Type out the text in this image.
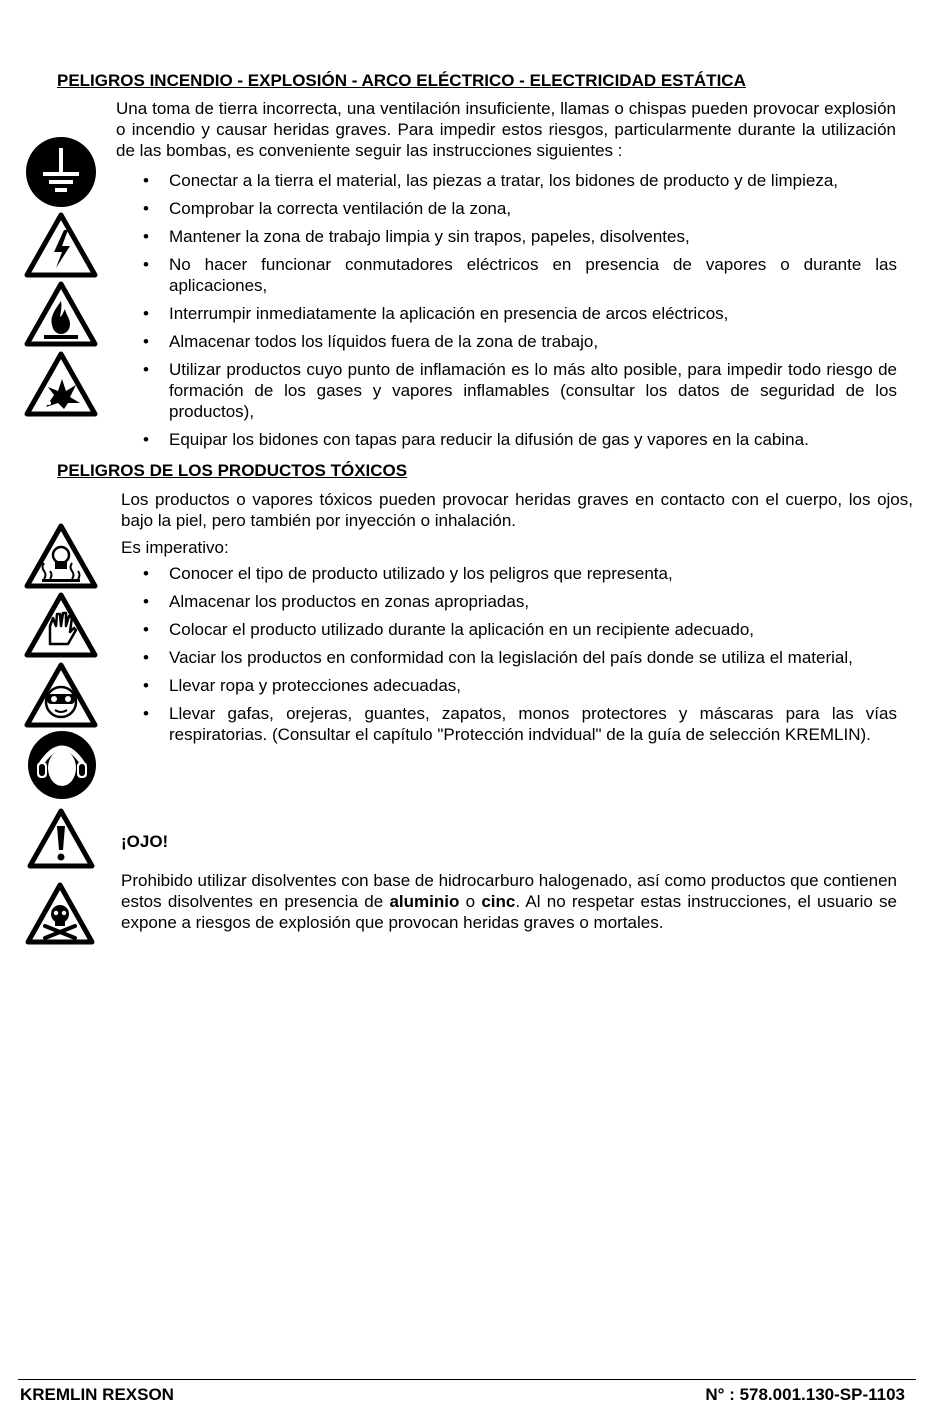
PELIGROS INCENDIO - EXPLOSIÓN - ARCO ELÉCTRICO - ELECTRICIDAD ESTÁTICA

Una toma de tierra incorrecta, una ventilación insuficiente, llamas o chispas pueden provocar explosión o incendio y causar heridas graves. Para impedir estos riesgos, particularmente durante la utilización de las bombas, es conveniente seguir las instrucciones siguientes :

• Conectar a la tierra el material, las piezas a tratar, los bidones de producto y de limpieza,
• Comprobar la correcta ventilación de la zona,
• Mantener la zona de trabajo limpia y sin trapos, papeles, disolventes,
• No hacer funcionar conmutadores eléctricos en presencia de vapores o durante las aplicaciones,
• Interrumpir inmediatamente la aplicación en presencia de arcos eléctricos,
• Almacenar todos los líquidos fuera de la zona de trabajo,
• Utilizar productos cuyo punto de inflamación es lo más alto posible, para impedir todo riesgo de formación de los gases y vapores inflamables (consultar los datos de seguridad de los productos),
• Equipar los bidones con tapas para reducir la difusión de gas y vapores en la cabina.
PELIGROS DE LOS PRODUCTOS TÓXICOS

Los productos o vapores tóxicos pueden provocar heridas graves en contacto con el cuerpo, los ojos, bajo la piel, pero también por inyección o inhalación.

Es imperativo:

• Conocer el tipo de producto utilizado y los peligros que representa,
• Almacenar los productos en zonas apropriadas,
• Colocar el producto utilizado durante la aplicación en un recipiente adecuado,
• Vaciar los productos en conformidad con la legislación del país donde se utiliza el material,
• Llevar ropa y protecciones adecuadas,
• Llevar gafas, orejeras, guantes, zapatos, monos protectores y máscaras para las vías respiratorias. (Consultar el capítulo "Protección indvidual" de la guía de selección KREMLIN).

¡OJO!

Prohibido utilizar disolventes con base de hidrocarburo halogenado, así como productos que contienen estos disolventes en presencia de aluminio o cinc. Al no respetar estas instrucciones, el usuario se expone a riesgos de explosión que provocan heridas graves o mortales.

KREMLIN REXSON	N° : 578.001.130-SP-1103
